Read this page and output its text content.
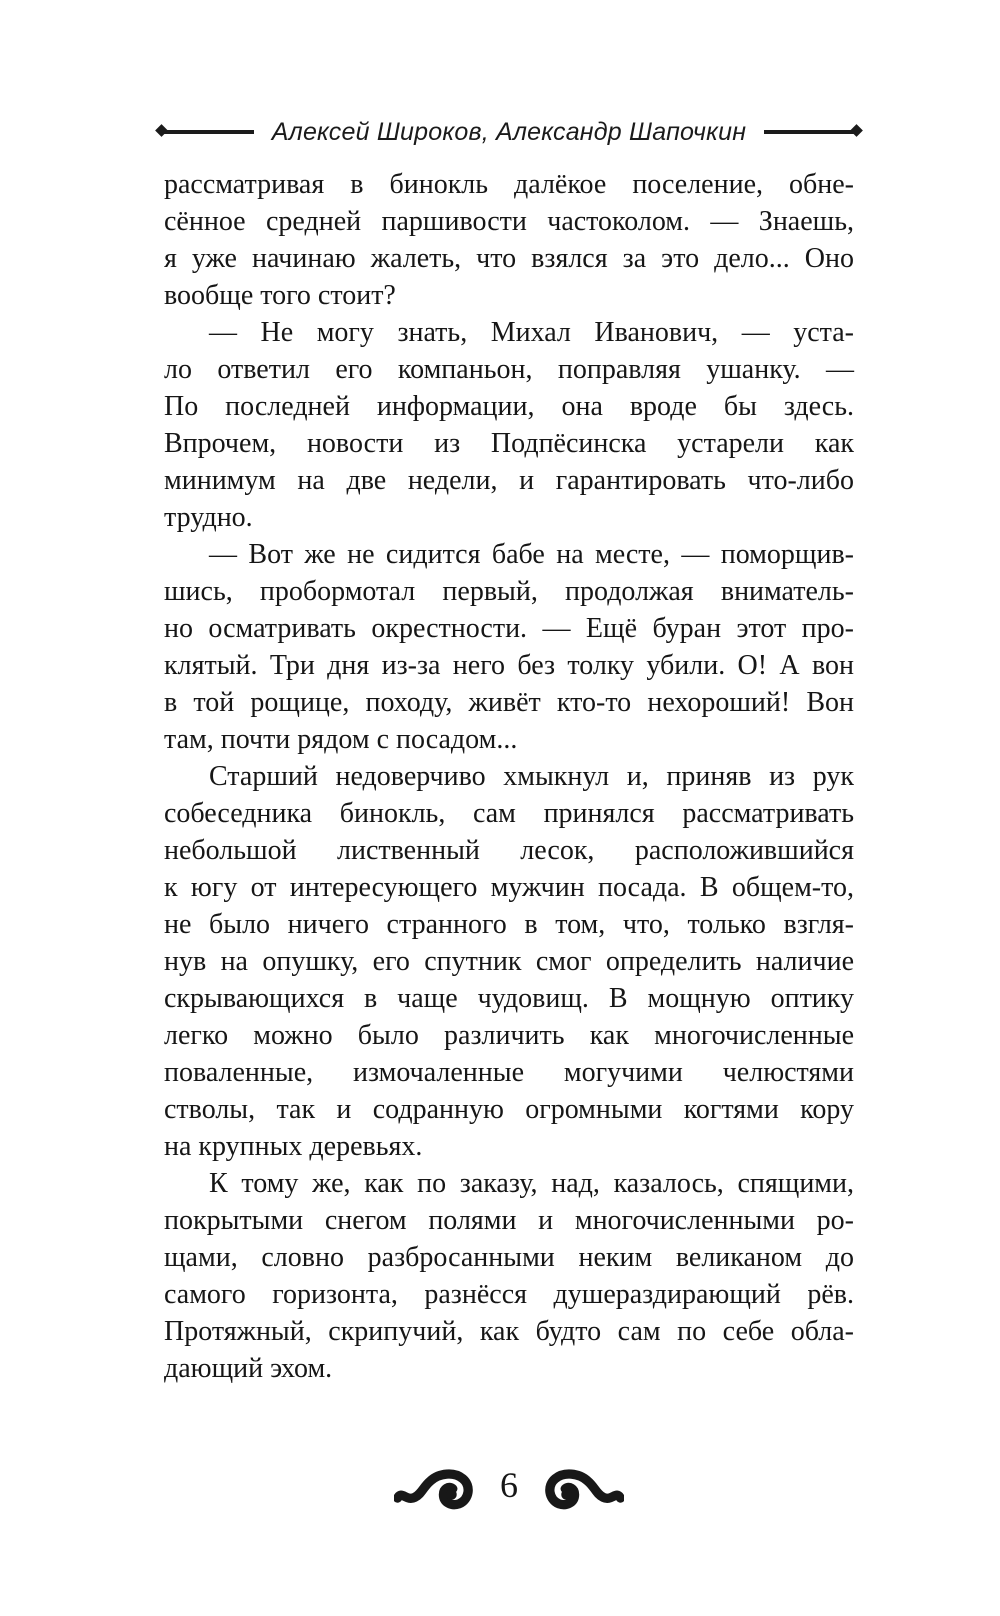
Алексей Широков, Александр Шапочкин
рассматривая в бинокль далёкое поселение, обне-
сённое средней паршивости частоколом. — Знаешь,
я уже начинаю жалеть, что взялся за это дело... Оно
вообще того стоит?
— Не могу знать, Михал Иванович, — уста-
ло ответил его компаньон, поправляя ушанку. —
По последней информации, она вроде бы здесь.
Впрочем, новости из Подпёсинска устарели как
минимум на две недели, и гарантировать что-либо
трудно.
— Вот же не сидится бабе на месте, — поморщив-
шись, пробормотал первый, продолжая вниматель-
но осматривать окрестности. — Ещё буран этот про-
клятый. Три дня из-за него без толку убили. О! А вон
в той рощице, походу, живёт кто-то нехороший! Вон
там, почти рядом с посадом...
Старший недоверчиво хмыкнул и, приняв из рук
собеседника бинокль, сам принялся рассматривать
небольшой лиственный лесок, расположившийся
к югу от интересующего мужчин посада. В общем-то,
не было ничего странного в том, что, только взгля-
нув на опушку, его спутник смог определить наличие
скрывающихся в чаще чудовищ. В мощную оптику
легко можно было различить как многочисленные
поваленные, измочаленные могучими челюстями
стволы, так и содранную огромными когтями кору
на крупных деревьях.
К тому же, как по заказу, над, казалось, спящими,
покрытыми снегом полями и многочисленными ро-
щами, словно разбросанными неким великаном до
самого горизонта, разнёсся душераздирающий рёв.
Протяжный, скрипучий, как будто сам по себе обла-
дающий эхом.
6
